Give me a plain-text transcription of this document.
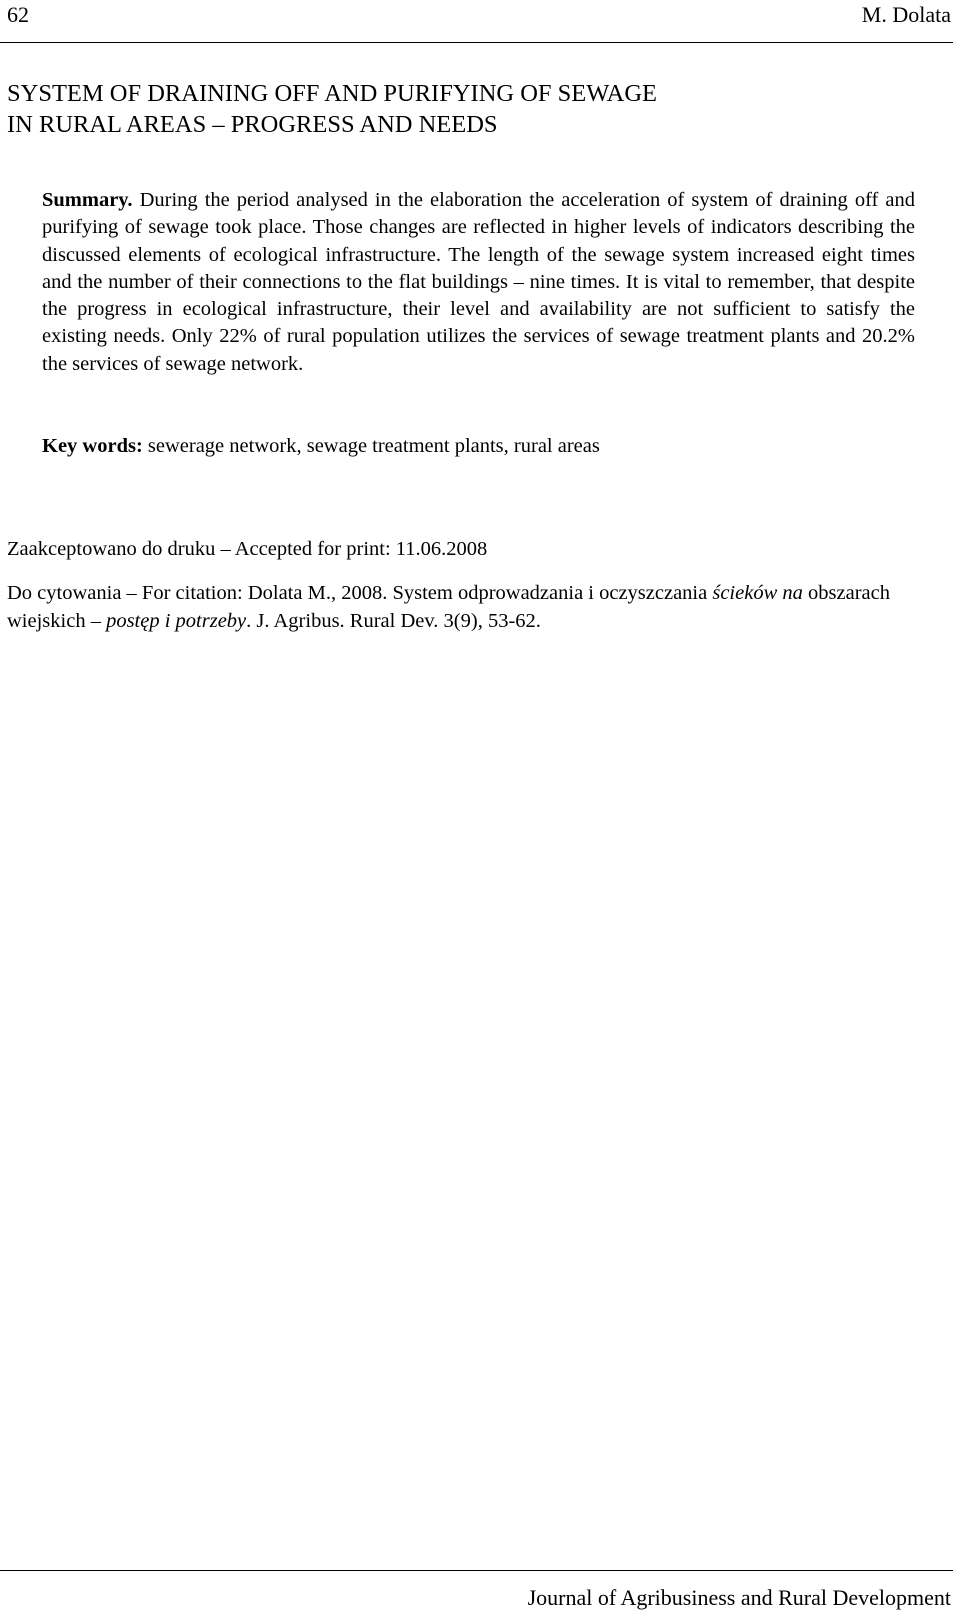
62	M. Dolata
SYSTEM OF DRAINING OFF AND PURIFYING OF SEWAGE
IN RURAL AREAS – PROGRESS AND NEEDS

Summary. During the period analysed in the elaboration the acceleration of system of draining off and purifying of sewage took place. Those changes are reflected in higher levels of indicators describing the discussed elements of ecological infrastructure. The length of the sewage system increased eight times and the number of their connections to the flat buildings – nine times. It is vital to remember, that despite the progress in ecological infrastructure, their level and availability are not sufficient to satisfy the existing needs. Only 22% of rural population utilizes the services of sewage treatment plants and 20.2% the services of sewage network.

Key words: sewerage network, sewage treatment plants, rural areas

Zaakceptowano do druku – Accepted for print: 11.06.2008

Do cytowania – For citation: Dolata M., 2008. System odprowadzania i oczyszczania ścieków na obszarach wiejskich – postęp i potrzeby. J. Agribus. Rural Dev. 3(9), 53-62.

Journal of Agribusiness and Rural Development
